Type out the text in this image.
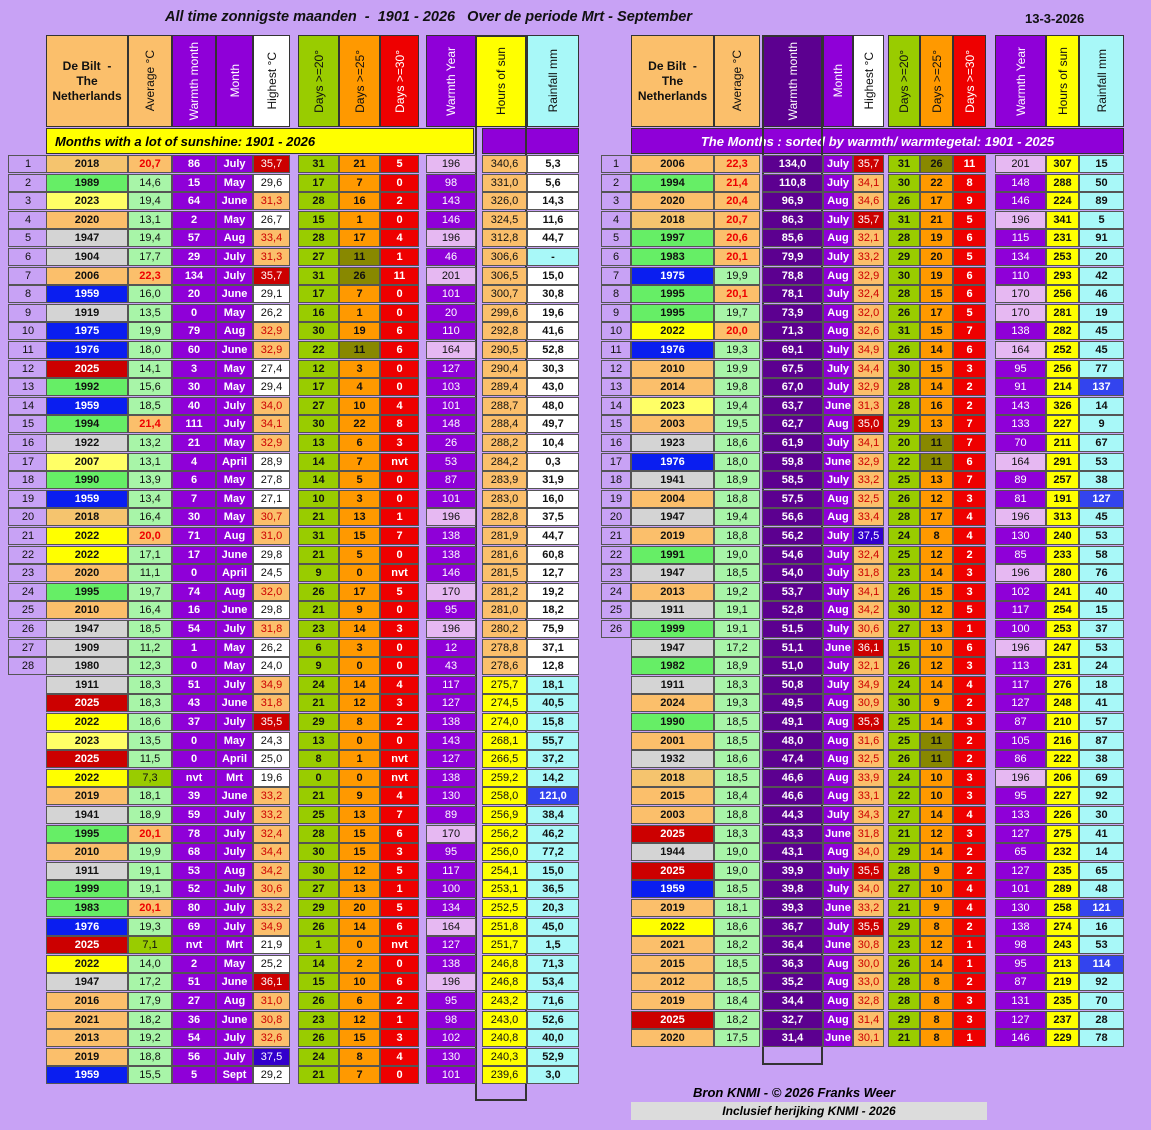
All time zonnigste maanden  -  1901 - 2026   Over de periode Mrt - September	13-3-2026
De Bilt  -
The
Netherlands Average °C	Warmth month Month Highest °C	Days >=20° Days >=25° Days >=30°	Warmth Year	Hours of sun	Rainfall mm	De Bilt  -
The
Netherlands Average °C	Warmth month	Month Highest °C Days >=20° Days >=25° Days >=30°	Warmth Year Hours of sun Rainfall mm
Months with a lot of sunshine: 1901 - 2026	The Months : sorted by warmth/ warmtegetal: 1901 - 2025
1	2018	20,7	86	July	35,7	31	21	5	196	340,6	5,3
2	1989	14,6	15	May	29,6	17	7	0	98	331,0	5,6
3	2023	19,4	64	June	31,3	28	16	2	143	326,0	14,3
4	2020	13,1	2	May	26,7	15	1	0	146	324,5	11,6
5	1947	19,4	57	Aug	33,4	28	17	4	196	312,8	44,7
6	1904	17,7	29	July	31,3	27	11	1	46	306,6	-
7	2006	22,3	134	July	35,7	31	26	11	201	306,5	15,0
8	1959	16,0	20	June	29,1	17	7	0	101	300,7	30,8
9	1919	13,5	0	May	26,2	16	1	0	20	299,6	19,6
10	1975	19,9	79	Aug	32,9	30	19	6	110	292,8	41,6
11	1976	18,0	60	June	32,9	22	11	6	164	290,5	52,8
12	2025	14,1	3	May	27,4	12	3	0	127	290,4	30,3
13	1992	15,6	30	May	29,4	17	4	0	103	289,4	43,0
14	1959	18,5	40	July	34,0	27	10	4	101	288,7	48,0
15	1994	21,4	111	July	34,1	30	22	8	148	288,4	49,7
16	1922	13,2	21	May	32,9	13	6	3	26	288,2	10,4
17	2007	13,1	4	April	28,9	14	7	nvt	53	284,2	0,3
18	1990	13,9	6	May	27,8	14	5	0	87	283,9	31,9
19	1959	13,4	7	May	27,1	10	3	0	101	283,0	16,0
20	2018	16,4	30	May	30,7	21	13	1	196	282,8	37,5
21	2022	20,0	71	Aug	31,0	31	15	7	138	281,9	44,7
22	2022	17,1	17	June	29,8	21	5	0	138	281,6	60,8
23	2020	11,1	0	April	24,5	9	0	nvt	146	281,5	12,7
24	1995	19,7	74	Aug	32,0	26	17	5	170	281,2	19,2
25	2010	16,4	16	June	29,8	21	9	0	95	281,0	18,2
26	1947	18,5	54	July	31,8	23	14	3	196	280,2	75,9
27	1909	11,2	1	May	26,2	6	3	0	12	278,8	37,1
28	1980	12,3	0	May	24,0	9	0	0	43	278,6	12,8
1911	18,3	51	July	34,9	24	14	4	117	275,7	18,1
2025	18,3	43	June	31,8	21	12	3	127	274,5	40,5
2022	18,6	37	July	35,5	29	8	2	138	274,0	15,8
2023	13,5	0	May	24,3	13	0	0	143	268,1	55,7
2025	11,5	0	April	25,0	8	1	nvt	127	266,5	37,2
2022	7,3	nvt	Mrt	19,6	0	0	nvt	138	259,2	14,2
2019	18,1	39	June	33,2	21	9	4	130	258,0	121,0
1941	18,9	59	July	33,2	25	13	7	89	256,9	38,4
1995	20,1	78	July	32,4	28	15	6	170	256,2	46,2
2010	19,9	68	July	34,4	30	15	3	95	256,0	77,2
1911	19,1	53	Aug	34,2	30	12	5	117	254,1	15,0
1999	19,1	52	July	30,6	27	13	1	100	253,1	36,5
1983	20,1	80	July	33,2	29	20	5	134	252,5	20,3
1976	19,3	69	July	34,9	26	14	6	164	251,8	45,0
2025	7,1	nvt	Mrt	21,9	1	0	nvt	127	251,7	1,5
2022	14,0	2	May	25,2	14	2	0	138	246,8	71,3
1947	17,2	51	June	36,1	15	10	6	196	246,8	53,4
2016	17,9	27	Aug	31,0	26	6	2	95	243,2	71,6
2021	18,2	36	June	30,8	23	12	1	98	243,0	52,6
2013	19,2	54	July	32,6	26	15	3	102	240,8	40,0
2019	18,8	56	July	37,5	24	8	4	130	240,3	52,9
1959	15,5	5	Sept	29,2	21	7	0	101	239,6	3,0
1	2006	22,3	134,0	July 35,7	31	26	11	201	307	15
2	1994	21,4	110,8	July 34,1	30	22	8	148	288	50
3	2020	20,4	96,9	Aug 34,6	26	17	9	146	224	89
4	2018	20,7	86,3	July 35,7	31	21	5	196	341	5
5	1997	20,6	85,6	Aug 32,1	28	19	6	115	231	91
6	1983	20,1	79,9	July 33,2	29	20	5	134	253	20
7	1975	19,9	78,8	Aug 32,9	30	19	6	110	293	42
8	1995	20,1	78,1	July 32,4	28	15	6	170	256	46
9	1995	19,7	73,9	Aug 32,0	26	17	5	170	281	19
10	2022	20,0	71,3	Aug 32,6	31	15	7	138	282	45
11	1976	19,3	69,1	July 34,9	26	14	6	164	252	45
12	2010	19,9	67,5	July 34,4	30	15	3	95	256	77
13	2014	19,8	67,0	July 32,9	28	14	2	91	214	137
14	2023	19,4	63,7	June 31,3	28	16	2	143	326	14
15	2003	19,5	62,7	Aug 35,0	29	13	7	133	227	9
16	1923	18,6	61,9	July 34,1	20	11	7	70	211	67
17	1976	18,0	59,8	June 32,9	22	11	6	164	291	53
18	1941	18,9	58,5	July 33,2	25	13	7	89	257	38
19	2004	18,8	57,5	Aug 32,5	26	12	3	81	191	127
20	1947	19,4	56,6	Aug 33,4	28	17	4	196	313	45
21	2019	18,8	56,2	July 37,5	24	8	4	130	240	53
22	1991	19,0	54,6	July 32,4	25	12	2	85	233	58
23	1947	18,5	54,0	July 31,8	23	14	3	196	280	76
24	2013	19,2	53,7	July 34,1	26	15	3	102	241	40
25	1911	19,1	52,8	Aug 34,2	30	12	5	117	254	15
26	1999	19,1	51,5	July 30,6	27	13	1	100	253	37
1947	17,2	51,1	June 36,1	15	10	6	196	247	53
1982	18,9	51,0	July 32,1	26	12	3	113	231	24
1911	18,3	50,8	July 34,9	24	14	4	117	276	18
2024	19,3	49,5	Aug 30,9	30	9	2	127	248	41
1990	18,5	49,1	Aug 35,3	25	14	3	87	210	57
2001	18,5	48,0	Aug 31,6	25	11	2	105	216	87
1932	18,6	47,4	Aug 32,5	26	11	2	86	222	38
2018	18,5	46,6	Aug 33,9	24	10	3	196	206	69
2015	18,4	46,6	Aug 33,1	22	10	3	95	227	92
2003	18,8	44,3	July 34,3	27	14	4	133	226	30
2025	18,3	43,3	June 31,8	21	12	3	127	275	41
1944	19,0	43,1	Aug 34,0	29	14	2	65	232	14
2025	19,0	39,9	July 35,5	28	9	2	127	235	65
1959	18,5	39,8	July 34,0	27	10	4	101	289	48
2019	18,1	39,3	June 33,2	21	9	4	130	258	121
2022	18,6	36,7	July 35,5	29	8	2	138	274	16
2021	18,2	36,4	June 30,8	23	12	1	98	243	53
2015	18,5	36,3	Aug 30,0	26	14	1	95	213	114
2012	18,5	35,2	Aug 33,0	28	8	2	87	219	92
2019	18,4	34,4	Aug 32,8	28	8	3	131	235	70
2025	18,2	32,7	Aug 31,4	29	8	3	127	237	28
2020	17,5	31,4	June 30,1	21	8	1	146	229	78
Bron KNMI - © 2026 Franks Weer
Inclusief herijking KNMI - 2026
